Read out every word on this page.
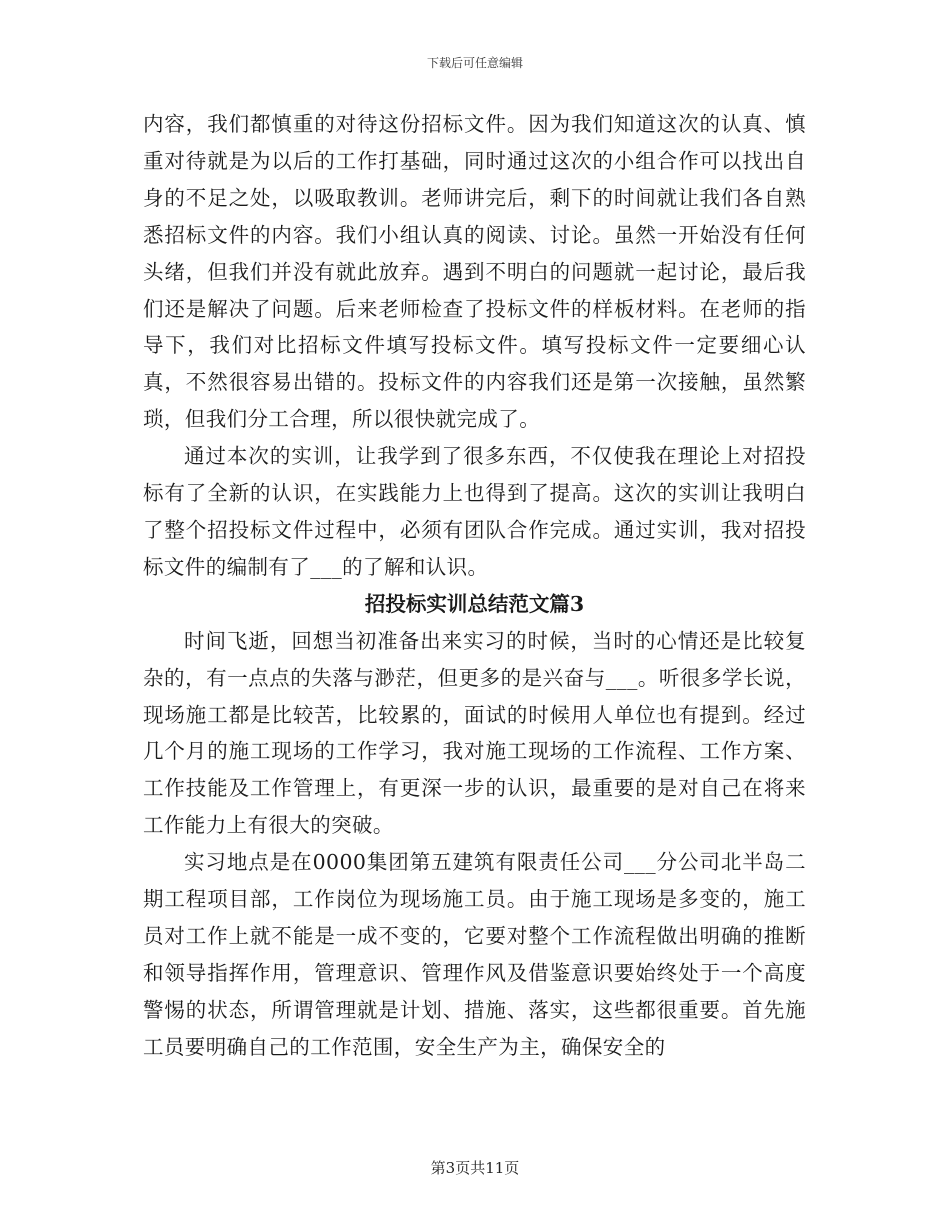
下载后可任意编辑

内容，我们都慎重的对待这份招标文件。因为我们知道这次的认真、慎重对待就是为以后的工作打基础，同时通过这次的小组合作可以找出自身的不足之处，以吸取教训。老师讲完后，剩下的时间就让我们各自熟悉招标文件的内容。我们小组认真的阅读、讨论。虽然一开始没有任何头绪，但我们并没有就此放弃。遇到不明白的问题就一起讨论，最后我们还是解决了问题。后来老师检查了投标文件的样板材料。在老师的指导下，我们对比招标文件填写投标文件。填写投标文件一定要细心认真，不然很容易出错的。投标文件的内容我们还是第一次接触，虽然繁琐，但我们分工合理，所以很快就完成了。

通过本次的实训，让我学到了很多东西，不仅使我在理论上对招投标有了全新的认识，在实践能力上也得到了提高。这次的实训让我明白了整个招投标文件过程中，必须有团队合作完成。通过实训，我对招投标文件的编制有了___的了解和认识。

招投标实训总结范文篇3

时间飞逝，回想当初准备出来实习的时候，当时的心情还是比较复杂的，有一点点的失落与渺茫，但更多的是兴奋与___。听很多学长说，现场施工都是比较苦，比较累的，面试的时候用人单位也有提到。经过几个月的施工现场的工作学习，我对施工现场的工作流程、工作方案、工作技能及工作管理上，有更深一步的认识，最重要的是对自己在将来工作能力上有很大的突破。

实习地点是在0000集团第五建筑有限责任公司___分公司北半岛二期工程项目部，工作岗位为现场施工员。由于施工现场是多变的，施工员对工作上就不能是一成不变的，它要对整个工作流程做出明确的推断和领导指挥作用，管理意识、管理作风及借鉴意识要始终处于一个高度警惕的状态，所谓管理就是计划、措施、落实，这些都很重要。首先施工员要明确自己的工作范围，安全生产为主，确保安全的

第3页共11页
